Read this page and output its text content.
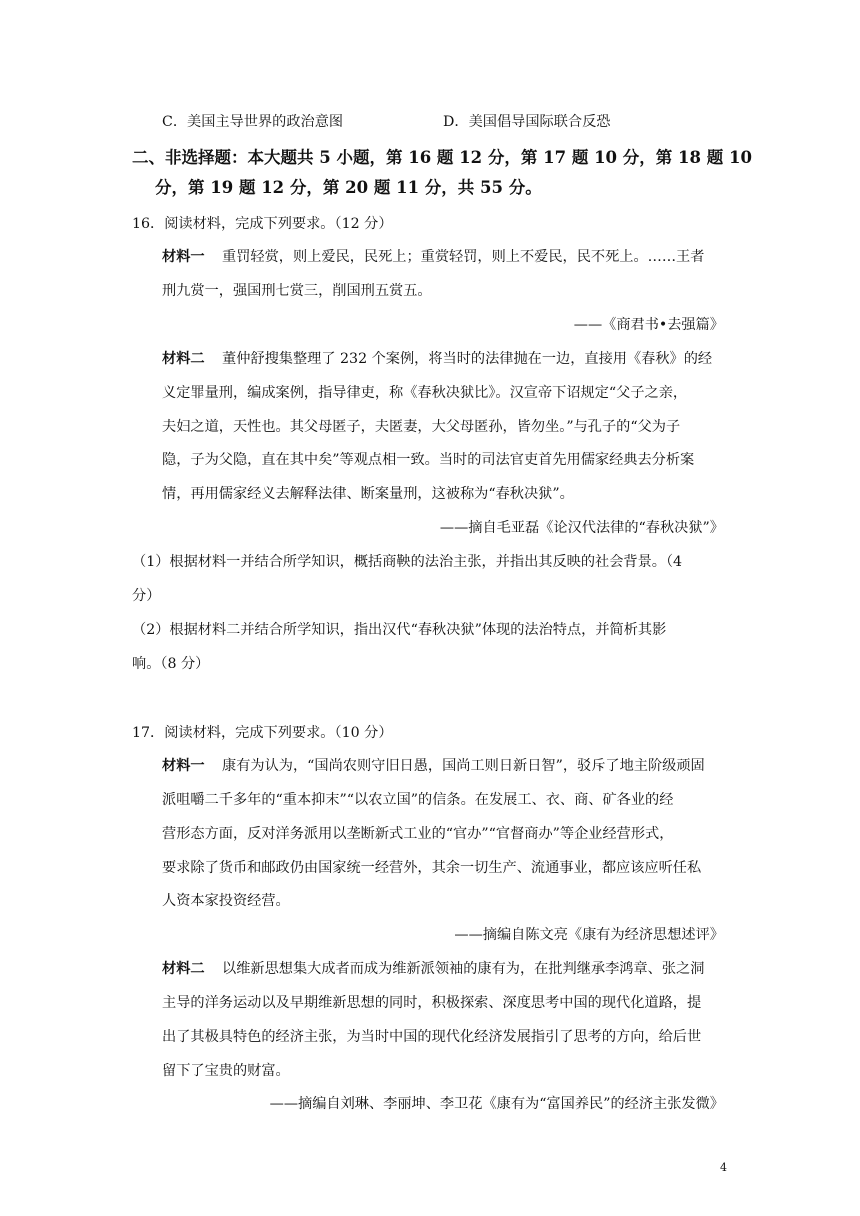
C．美国主导世界的政治意图	D．美国倡导国际联合反恐
二、非选择题：本大题共 5 小题，第 16 题 12 分，第 17 题 10 分，第 18 题 10
分，第 19 题 12 分，第 20 题 11 分，共 55 分。
16．阅读材料，完成下列要求。（12 分）
材料一 重罚轻赏，则上爱民，民死上；重赏轻罚，则上不爱民，民不死上。……王者
刑九赏一，强国刑七赏三，削国刑五赏五。
——《商君书•去强篇》
材料二 董仲舒搜集整理了 232 个案例，将当时的法律抛在一边，直接用《春秋》的经
义定罪量刑，编成案例，指导律吏，称《春秋决狱比》。汉宣帝下诏规定“父子之亲，
夫妇之道，天性也。其父母匿子，夫匿妻，大父母匿孙，皆勿坐。”与孔子的“父为子
隐，子为父隐，直在其中矣”等观点相一致。当时的司法官吏首先用儒家经典去分析案
情，再用儒家经义去解释法律、断案量刑，这被称为“春秋决狱”。
——摘自毛亚磊《论汉代法律的“春秋决狱”》
（1）根据材料一并结合所学知识，概括商鞅的法治主张，并指出其反映的社会背景。（4
分）
（2）根据材料二并结合所学知识，指出汉代“春秋决狱”体现的法治特点，并简析其影
响。（8 分）
17．阅读材料，完成下列要求。（10 分）
材料一 康有为认为，“国尚农则守旧日愚，国尚工则日新日智”，驳斥了地主阶级顽固
派咀嚼二千多年的“重本抑末”“以农立国”的信条。在发展工、衣、商、矿各业的经
营形态方面，反对洋务派用以垄断新式工业的“官办”“官督商办”等企业经营形式，
要求除了货币和邮政仍由国家统一经营外，其余一切生产、流通事业，都应该应听任私
人资本家投资经营。
——摘编自陈文亮《康有为经济思想述评》
材料二 以维新思想集大成者而成为维新派领袖的康有为，在批判继承李鸿章、张之洞
主导的洋务运动以及早期维新思想的同时，积极探索、深度思考中国的现代化道路，提
出了其极具特色的经济主张，为当时中国的现代化经济发展指引了思考的方向，给后世
留下了宝贵的财富。
——摘编自刘琳、李丽坤、李卫花《康有为“富国养民”的经济主张发微》
4
